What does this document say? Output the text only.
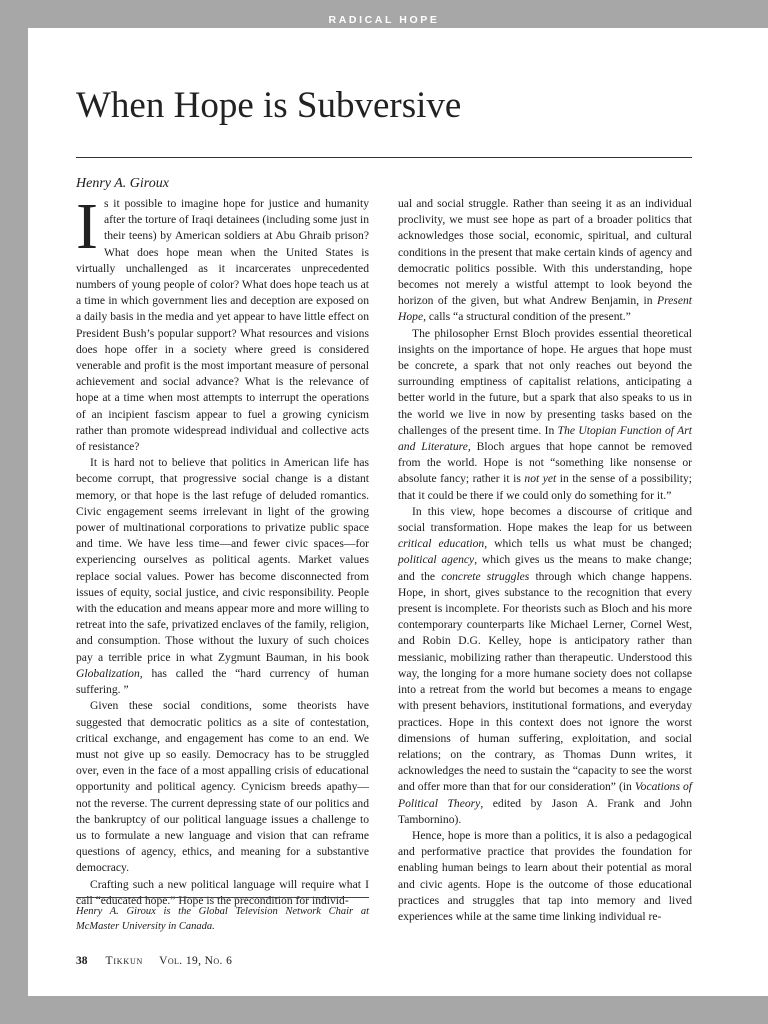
RADICAL HOPE
When Hope is Subversive
Henry A. Giroux

Is it possible to imagine hope for justice and humanity after the torture of Iraqi detainees (including some just in their teens) by American soldiers at Abu Ghraib prison? What does hope mean when the United States is virtually unchallenged as it incarcerates unprecedented numbers of young people of color? What does hope teach us at a time in which government lies and deception are exposed on a daily basis in the media and yet appear to have little effect on President Bush’s popular support? What resources and visions does hope offer in a society where greed is considered venerable and profit is the most important measure of personal achievement and social advance? What is the relevance of hope at a time when most attempts to interrupt the operations of an incipient fascism appear to fuel a growing cynicism rather than promote widespread individual and collective acts of resistance?

It is hard not to believe that politics in American life has become corrupt, that progressive social change is a distant memory, or that hope is the last refuge of deluded romantics. Civic engagement seems irrelevant in light of the growing power of multinational corporations to privatize public space and time. We have less time—and fewer civic spaces—for experiencing ourselves as political agents. Market values replace social values. Power has become disconnected from issues of equity, social justice, and civic responsibility. People with the education and means appear more and more willing to retreat into the safe, privatized enclaves of the family, religion, and consumption. Those without the luxury of such choices pay a terrible price in what Zygmunt Bauman, in his book Globalization, has called the “hard currency of human suffering. ”

Given these social conditions, some theorists have suggested that democratic politics as a site of contestation, critical exchange, and engagement has come to an end. We must not give up so easily. Democracy has to be struggled over, even in the face of a most appalling crisis of educational opportunity and political agency. Cynicism breeds apathy—not the reverse. The current depressing state of our politics and the bankruptcy of our political language issues a challenge to us to formulate a new language and vision that can reframe questions of agency, ethics, and meaning for a substantive democracy.

Crafting such a new political language will require what I call “educated hope.” Hope is the precondition for individ-

ual and social struggle. Rather than seeing it as an individual proclivity, we must see hope as part of a broader politics that acknowledges those social, economic, spiritual, and cultural conditions in the present that make certain kinds of agency and democratic politics possible. With this understanding, hope becomes not merely a wistful attempt to look beyond the horizon of the given, but what Andrew Benjamin, in Present Hope, calls “a structural condition of the present.”

The philosopher Ernst Bloch provides essential theoretical insights on the importance of hope. He argues that hope must be concrete, a spark that not only reaches out beyond the surrounding emptiness of capitalist relations, anticipating a better world in the future, but a spark that also speaks to us in the world we live in now by presenting tasks based on the challenges of the present time. In The Utopian Function of Art and Literature, Bloch argues that hope cannot be removed from the world. Hope is not “something like nonsense or absolute fancy; rather it is not yet in the sense of a possibility; that it could be there if we could only do something for it.”

In this view, hope becomes a discourse of critique and social transformation. Hope makes the leap for us between critical education, which tells us what must be changed; political agency, which gives us the means to make change; and the concrete struggles through which change happens. Hope, in short, gives substance to the recognition that every present is incomplete. For theorists such as Bloch and his more contemporary counterparts like Michael Lerner, Cornel West, and Robin D.G. Kelley, hope is anticipatory rather than messianic, mobilizing rather than therapeutic. Understood this way, the longing for a more humane society does not collapse into a retreat from the world but becomes a means to engage with present behaviors, institutional formations, and everyday practices. Hope in this context does not ignore the worst dimensions of human suffering, exploitation, and social relations; on the contrary, as Thomas Dunn writes, it acknowledges the need to sustain the “capacity to see the worst and offer more than that for our consideration” (in Vocations of Political Theory, edited by Jason A. Frank and John Tambornino).

Hence, hope is more than a politics, it is also a pedagogical and performative practice that provides the foundation for enabling human beings to learn about their potential as moral and civic agents. Hope is the outcome of those educational practices and struggles that tap into memory and lived experiences while at the same time linking individual re-

Henry A. Giroux is the Global Television Network Chair at McMaster University in Canada.
38 Tikkun Vol. 19, No. 6
